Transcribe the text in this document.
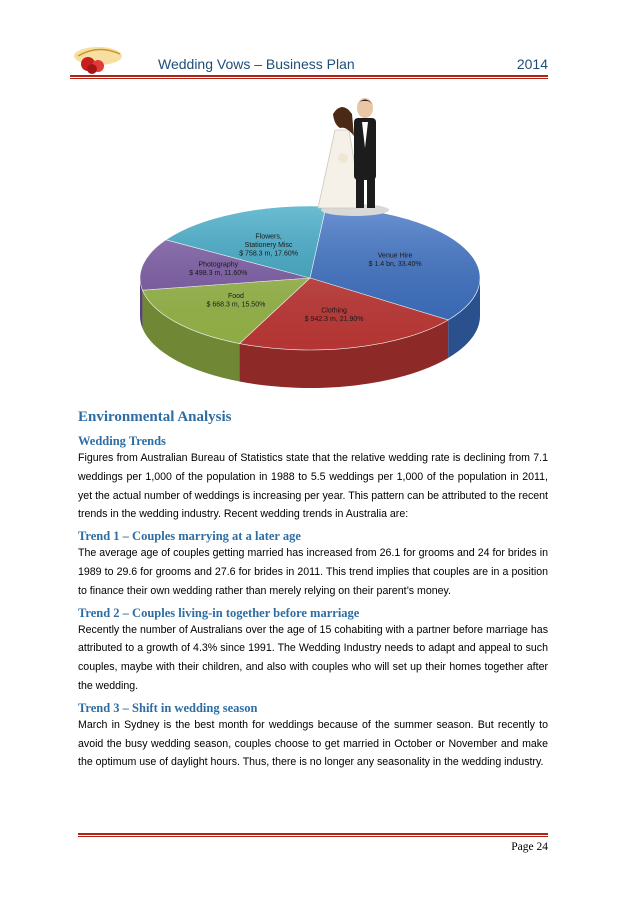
Wedding Vows – Business Plan	2014
Venue Hire $ 1.4 bn, 33.40%
Clothing $ 942.3 m, 21.90%
Food $ 668.3 m, 15.50%
Photography $ 498.3 m, 11.60%
Flowers, Stationery Misc $ 758.3 m, 17.60%
Environmental Analysis
Wedding Trends

Figures from Australian Bureau of Statistics state that the relative wedding rate is declining from 7.1 weddings per 1,000 of the population in 1988 to 5.5 weddings per 1,000 of the population in 2011, yet the actual number of weddings is increasing per year. This pattern can be attributed to the recent trends in the wedding industry. Recent wedding trends in Australia are:

Trend 1 – Couples marrying at a later age

The average age of couples getting married has increased from 26.1 for grooms and 24 for brides in 1989 to 29.6 for grooms and 27.6 for brides in 2011. This trend implies that couples are in a position to finance their own wedding rather than merely relying on their parent’s money.

Trend 2 – Couples living-in together before marriage

Recently the number of Australians over the age of 15 cohabiting with a partner before marriage has attributed to a growth of 4.3% since 1991. The Wedding Industry needs to adapt and appeal to such couples, maybe with their children, and also with couples who will set up their homes together after the wedding.

Trend 3 – Shift in wedding season

March in Sydney is the best month for weddings because of the summer season. But recently to avoid the busy wedding season, couples choose to get married in October or November and make the optimum use of daylight hours. Thus, there is no longer any seasonality in the wedding industry.

Page 24
